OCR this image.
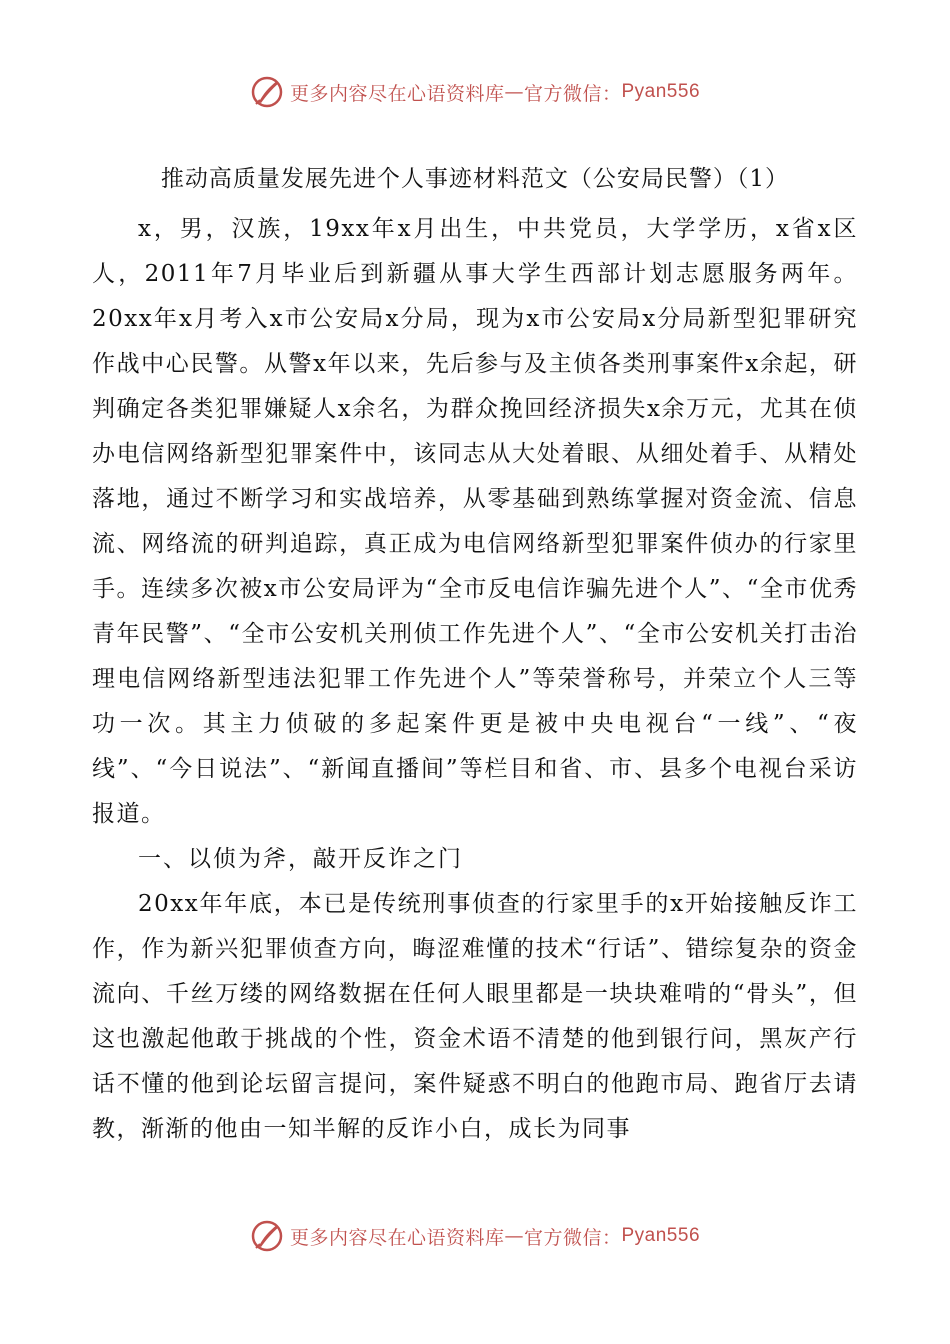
更多内容尽在心语资料库 — 官方微信： Pyan556
推动高质量发展先进个人事迹材料范文（公安局民警）（1）

x，男，汉族，19xx年x月出生，中共党员，大学学历，x省x区人，2011年7月毕业后到新疆从事大学生西部计划志愿服务两年。20xx年x月考入x市公安局x分局，现为x市公安局x分局新型犯罪研究作战中心民警。从警x年以来，先后参与及主侦各类刑事案件x余起，研判确定各类犯罪嫌疑人x余名，为群众挽回经济损失x余万元，尤其在侦办电信网络新型犯罪案件中，该同志从大处着眼、从细处着手、从精处落地，通过不断学习和实战培养，从零基础到熟练掌握对资金流、信息流、网络流的研判追踪，真正成为电信网络新型犯罪案件侦办的行家里手。连续多次被x市公安局评为“全市反电信诈骗先进个人”、“全市优秀青年民警”、“全市公安机关刑侦工作先进个人”、“全市公安机关打击治理电信网络新型违法犯罪工作先进个人”等荣誉称号，并荣立个人三等功一次。其主力侦破的多起案件更是被中央电视台“一线”、“夜线”、“今日说法”、“新闻直播间”等栏目和省、市、县多个电视台采访报道。

一、以侦为斧，敲开反诈之门

20xx年年底，本已是传统刑事侦查的行家里手的x开始接触反诈工作，作为新兴犯罪侦查方向，晦涩难懂的技术“行话”、错综复杂的资金流向、千丝万缕的网络数据在任何人眼里都是一块块难啃的“骨头”，但这也激起他敢于挑战的个性，资金术语不清楚的他到银行问，黑灰产行话不懂的他到论坛留言提问，案件疑惑不明白的他跑市局、跑省厅去请教，渐渐的他由一知半解的反诈小白，成长为同事

更多内容尽在心语资料库 — 官方微信： Pyan556
